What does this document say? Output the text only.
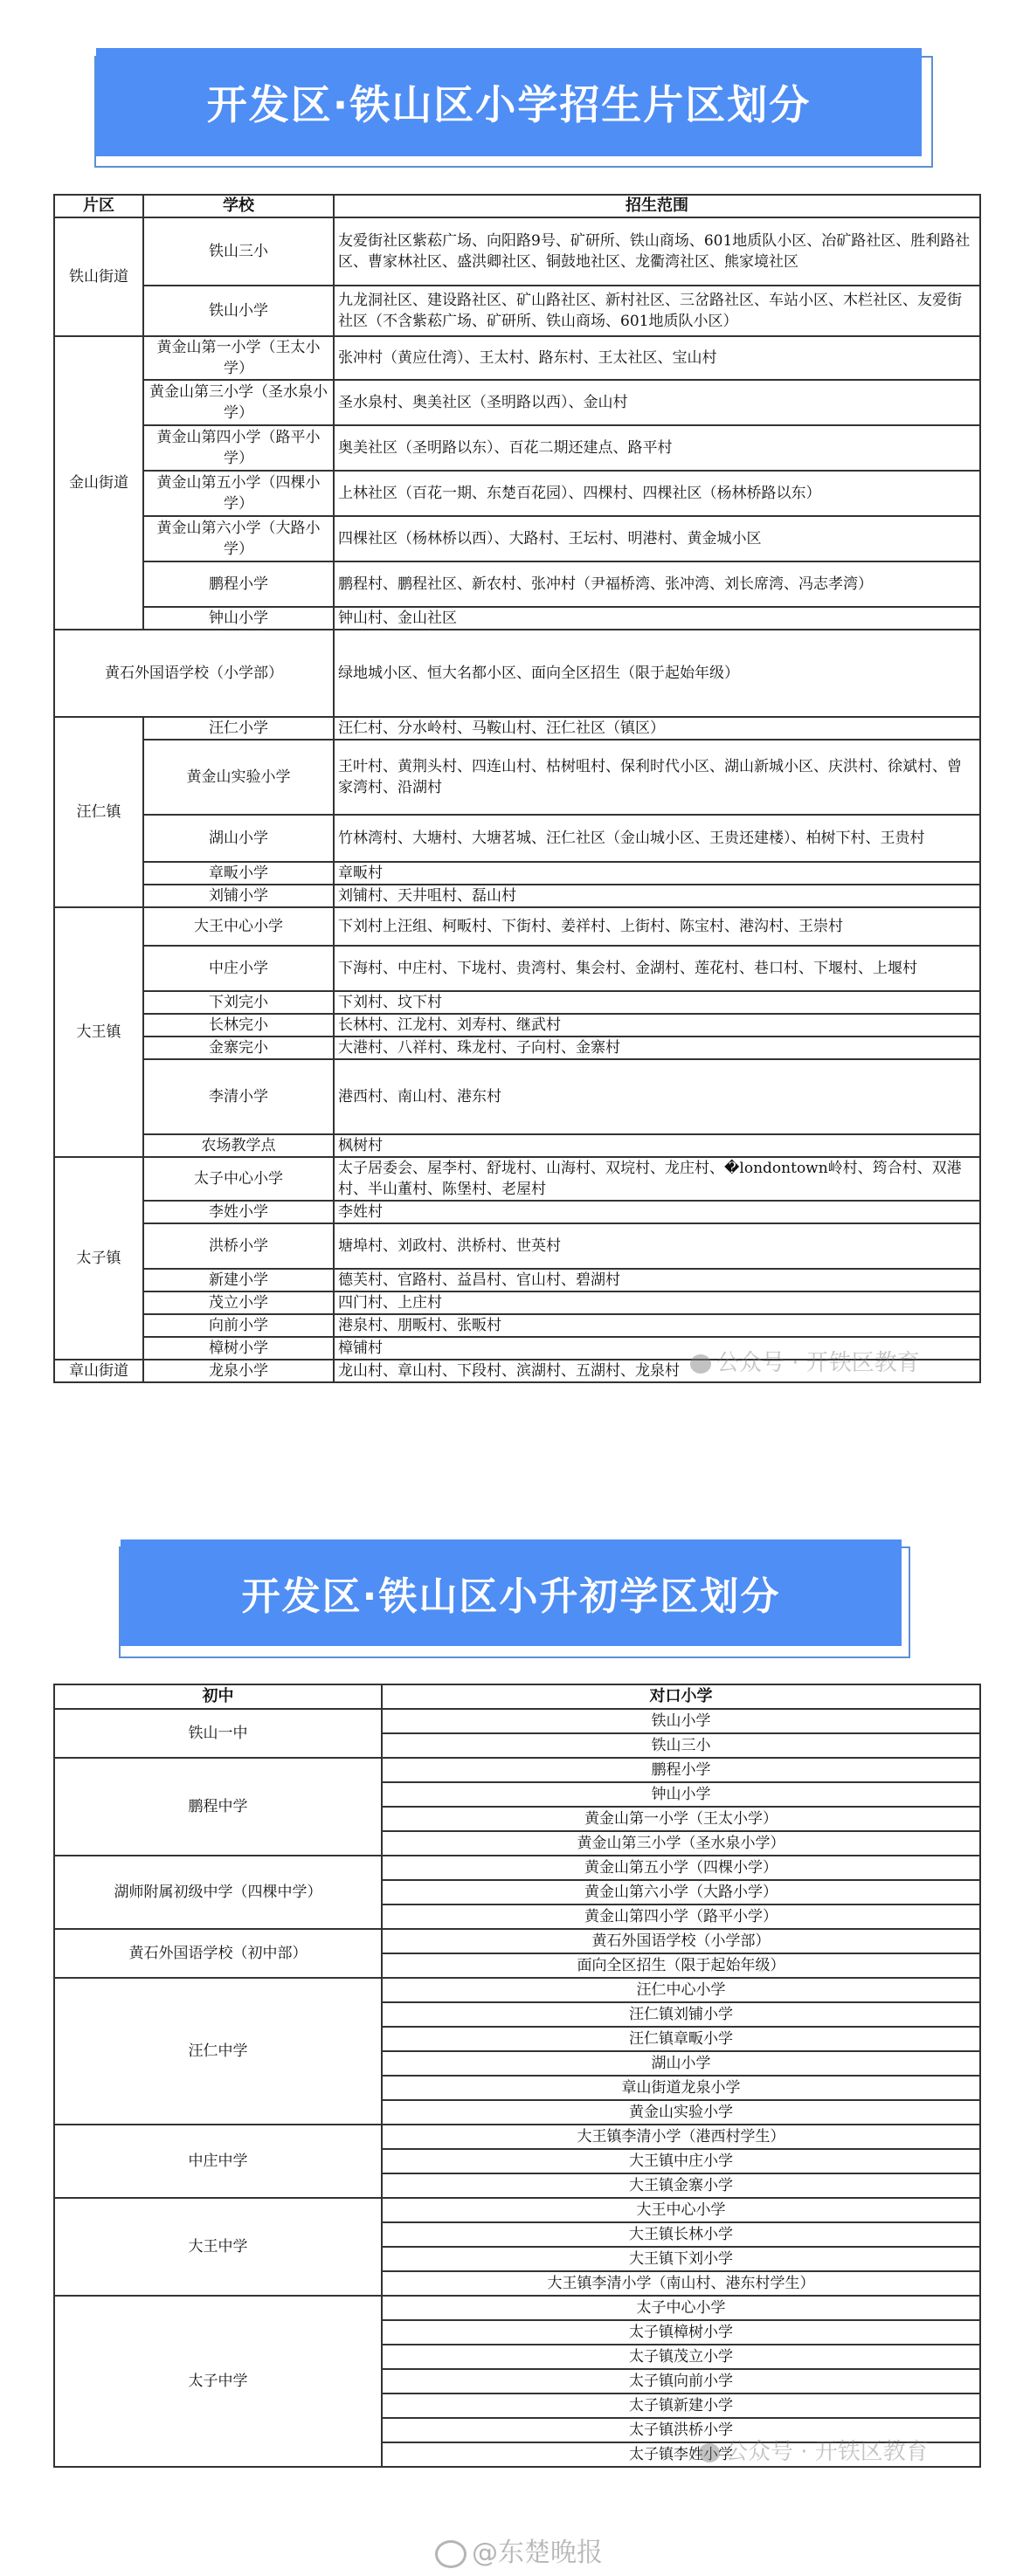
开发区·铁山区小学招生片区划分
片区	学校	招生范围
铁山街道	铁山三小	友爱街社区紫菘广场、向阳路9号、矿研所、铁山商场、601地质队小区、冶矿路社区、胜利路社区、曹家林社区、盛洪卿社区、铜鼓地社区、龙衢湾社区、熊家境社区
	铁山小学	九龙洞社区、建设路社区、矿山路社区、新村社区、三岔路社区、车站小区、木栏社区、友爱街社区（不含紫菘广场、矿研所、铁山商场、601地质队小区）
金山街道	黄金山第一小学（王太小学）	张冲村（黄应仕湾）、王太村、路东村、王太社区、宝山村
	黄金山第三小学（圣水泉小学）	圣水泉村、奥美社区（圣明路以西）、金山村
	黄金山第四小学（路平小学）	奥美社区（圣明路以东）、百花二期还建点、路平村
	黄金山第五小学（四棵小学）	上林社区（百花一期、东楚百花园）、四棵村、四棵社区（杨林桥路以东）
	黄金山第六小学（大路小学）	四棵社区（杨林桥以西）、大路村、王坛村、明港村、黄金城小区
	鹏程小学	鹏程村、鹏程社区、新农村、张冲村（尹福桥湾、张冲湾、刘长席湾、冯志孝湾）
	钟山小学	钟山村、金山社区
黄石外国语学校（小学部）		绿地城小区、恒大名都小区、面向全区招生（限于起始年级）
汪仁镇	汪仁小学	汪仁村、分水岭村、马鞍山村、汪仁社区（镇区）
	黄金山实验小学	王叶村、黄荆头村、四连山村、枯树咀村、保利时代小区、湖山新城小区、庆洪村、徐斌村、曾家湾村、沿湖村
	湖山小学	竹林湾村、大塘村、大塘茗城、汪仁社区（金山城小区、王贵还建楼）、柏树下村、王贵村
	章畈小学	章畈村
	刘铺小学	刘铺村、天井咀村、磊山村
大王镇	大王中心小学	下刘村上汪组、柯畈村、下街村、姜祥村、上街村、陈宝村、港沟村、王崇村
	中庄小学	下海村、中庄村、下垅村、贵湾村、集会村、金湖村、莲花村、巷口村、下堰村、上堰村
	下刘完小	下刘村、坟下村
	长林完小	长林村、江龙村、刘寿村、继武村
	金寨完小	大港村、八祥村、珠龙村、子向村、金寨村
	李清小学	港西村、南山村、港东村
	农场教学点	枫树村
太子镇	太子中心小学	太子居委会、屋李村、舒垅村、山海村、双垸村、龙庄村、�londontown岭村、筠合村、双港村、半山董村、陈堡村、老屋村
	李姓小学	李姓村
	洪桥小学	塘埠村、刘政村、洪桥村、世英村
	新建小学	德芙村、官路村、益昌村、官山村、碧湖村
	茂立小学	四门村、上庄村
	向前小学	港泉村、朋畈村、张畈村
	樟树小学	樟铺村
章山街道	龙泉小学	龙山村、章山村、下段村、滨湖村、五湖村、龙泉村	公众号 · 开铁区教育
开发区·铁山区小升初学区划分
初中	对口小学
铁山一中	铁山小学
	铁山三小
鹏程中学	鹏程小学
	钟山小学
	黄金山第一小学（王太小学）
	黄金山第三小学（圣水泉小学）
湖师附属初级中学（四棵中学）	黄金山第五小学（四棵小学）
	黄金山第六小学（大路小学）
	黄金山第四小学（路平小学）
黄石外国语学校（初中部）	黄石外国语学校（小学部）
	面向全区招生（限于起始年级）
汪仁中学	汪仁中心小学
	汪仁镇刘铺小学
	汪仁镇章畈小学
	湖山小学
	章山街道龙泉小学
	黄金山实验小学
中庄中学	大王镇李清小学（港西村学生）
	大王镇中庄小学
	大王镇金寨小学
大王中学	大王中心小学
	大王镇长林小学
	大王镇下刘小学
	大王镇李清小学（南山村、港东村学生）
太子中学	太子中心小学
	太子镇樟树小学
	太子镇茂立小学
	太子镇向前小学
	太子镇新建小学
	太子镇洪桥小学
	太子镇李姓小学
公众号 · 开铁区教育
@东楚晚报
